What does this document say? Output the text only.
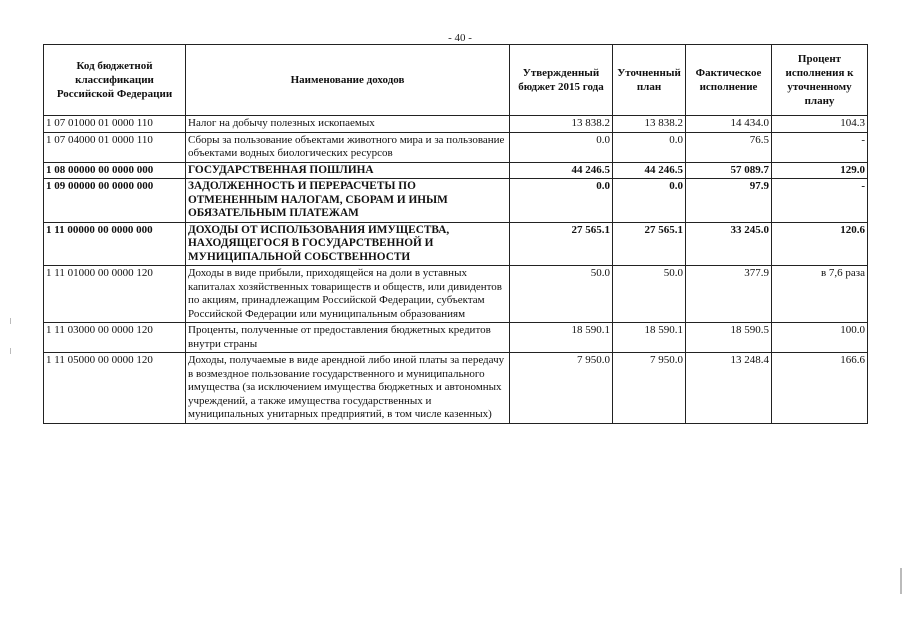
- 40 -
Код бюджетной классификации Российской Федерации	Наименование доходов	Утвержденный бюджет 2015 года	Уточненный план	Фактическое исполнение	Процент исполнения к уточненному плану
1 07 01000 01 0000 110	Налог на добычу полезных ископаемых	13 838.2	13 838.2	14 434.0	104.3
1 07 04000 01 0000 110	Сборы за пользование объектами животного мира и за пользование объектами водных биологических ресурсов	0.0	0.0	76.5	-
1 08 00000 00 0000 000	ГОСУДАРСТВЕННАЯ ПОШЛИНА	44 246.5	44 246.5	57 089.7	129.0
1 09 00000 00 0000 000	ЗАДОЛЖЕННОСТЬ И ПЕРЕРАСЧЕТЫ ПО ОТМЕНЕННЫМ НАЛОГАМ, СБОРАМ И ИНЫМ ОБЯЗАТЕЛЬНЫМ ПЛАТЕЖАМ	0.0	0.0	97.9	-
1 11 00000 00 0000 000	ДОХОДЫ ОТ ИСПОЛЬЗОВАНИЯ ИМУЩЕСТВА, НАХОДЯЩЕГОСЯ В ГОСУДАРСТВЕННОЙ И МУНИЦИПАЛЬНОЙ СОБСТВЕННОСТИ	27 565.1	27 565.1	33 245.0	120.6
1 11 01000 00 0000 120	Доходы в виде прибыли, приходящейся на доли в уставных капиталах хозяйственных товариществ и обществ, или дивидентов по акциям, принадлежащим Российской Федерации, субъектам Российской Федерации или муниципальным образованиям	50.0	50.0	377.9	в 7,6 раза
1 11 03000 00 0000 120	Проценты, полученные от предоставления бюджетных кредитов внутри страны	18 590.1	18 590.1	18 590.5	100.0
1 11 05000 00 0000 120	Доходы, получаемые в виде арендной либо иной платы за передачу в возмездное пользование государственного и муниципального имущества (за исключением имущества бюджетных и автономных учреждений, а также имущества государственных и муниципальных унитарных предприятий, в том числе казенных)	7 950.0	7 950.0	13 248.4	166.6
